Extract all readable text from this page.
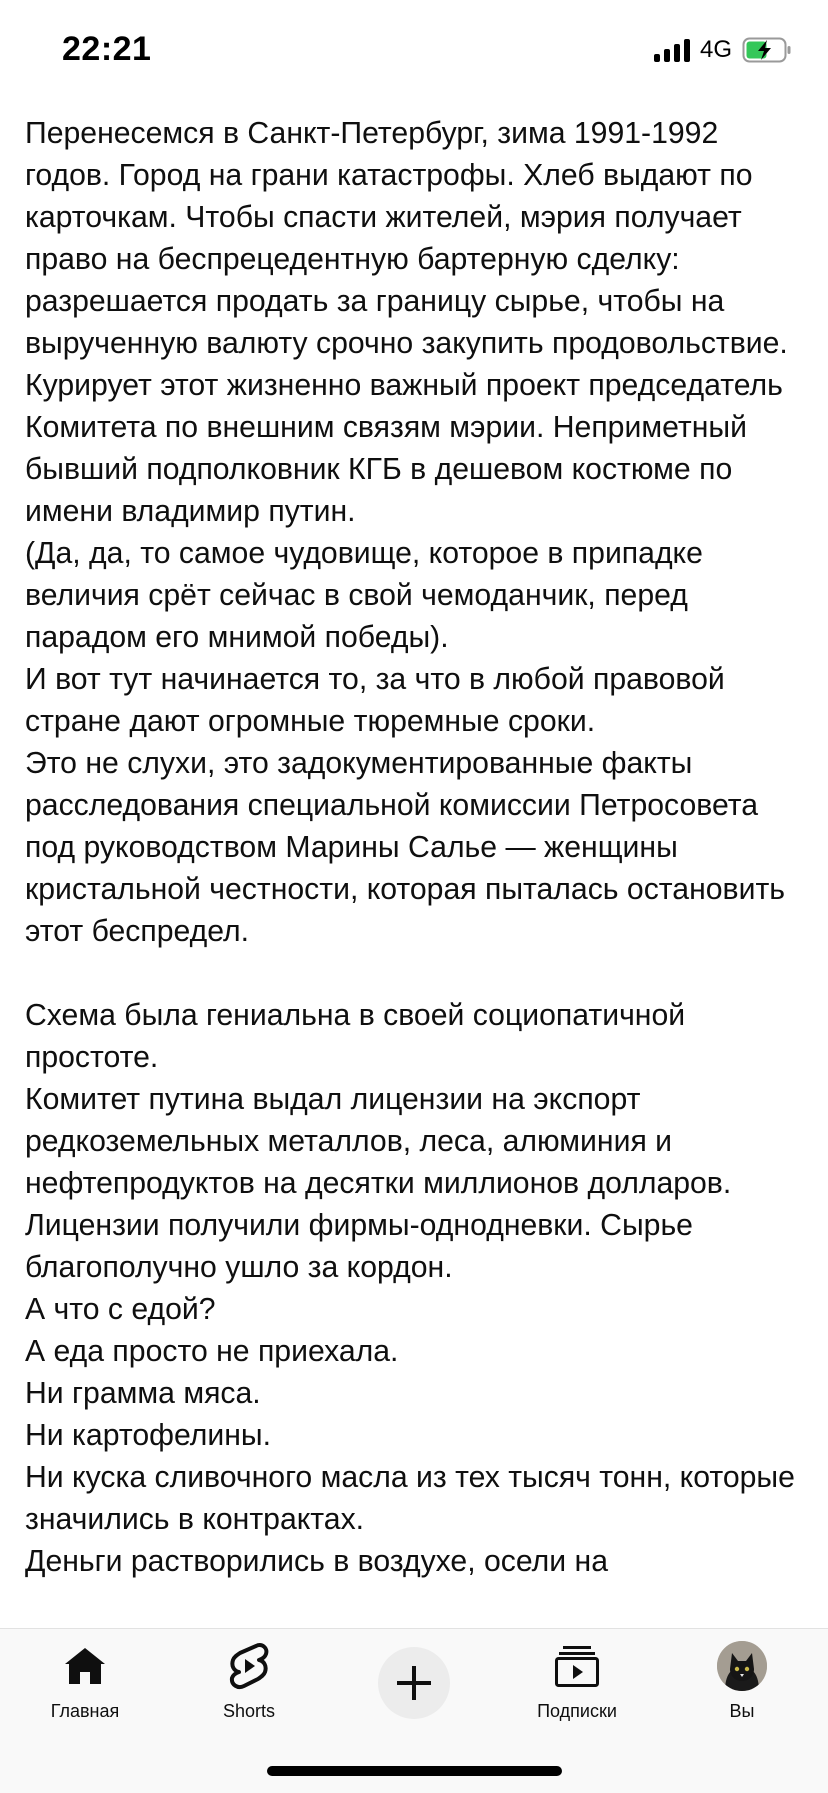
22:21	4G

Перенесемся в Санкт-Петербург, зима 1991-1992 годов. Город на грани катастрофы. Хлеб выдают по карточкам. Чтобы спасти жителей, мэрия получает право на беспрецедентную бартерную сделку: разрешается продать за границу сырье, чтобы на вырученную валюту срочно закупить продовольствие. Курирует этот жизненно важный проект председатель Комитета по внешним связям мэрии. Неприметный бывший подполковник КГБ в дешевом костюме по имени владимир путин.

(Да, да, то самое чудовище, которое в припадке величия срёт сейчас в свой чемоданчик, перед парадом его мнимой победы).

И вот тут начинается то, за что в любой правовой стране дают огромные тюремные сроки.

Это не слухи, это задокументированные факты расследования специальной комиссии Петросовета под руководством Марины Салье — женщины кристальной честности, которая пыталась остановить этот беспредел.

Схема была гениальна в своей социопатичной простоте.

Комитет путина выдал лицензии на экспорт редкоземельных металлов, леса, алюминия и нефтепродуктов на десятки миллионов долларов.

Лицензии получили фирмы-однодневки. Сырье благополучно ушло за кордон.

А что с едой?

А еда просто не приехала.

Ни грамма мяса.

Ни картофелины.

Ни куска сливочного масла из тех тысяч тонн, которые значились в контрактах.

Деньги растворились в воздухе, осели на

Главная	Shorts	Подписки	Вы
